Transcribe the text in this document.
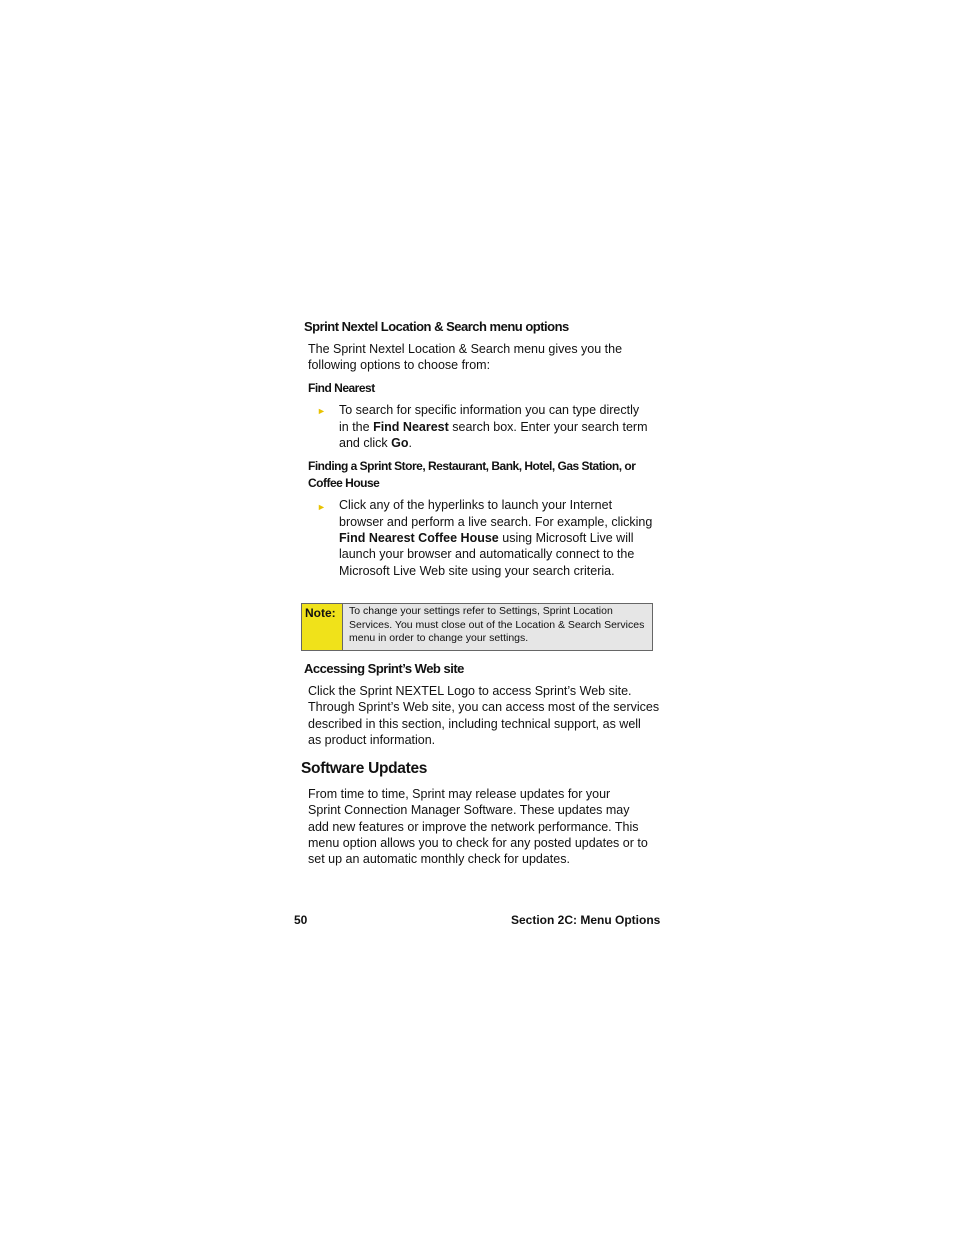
Sprint Nextel Location & Search menu options
The Sprint Nextel Location & Search menu gives you the
following options to choose from:
Find Nearest
► To search for specific information you can type directly
in the Find Nearest search box. Enter your search term
and click Go.
Finding a Sprint Store, Restaurant, Bank, Hotel, Gas Station, or
Coffee House
► Click any of the hyperlinks to launch your Internet
browser and perform a live search. For example, clicking
Find Nearest Coffee House using Microsoft Live will
launch your browser and automatically connect to the
Microsoft Live Web site using your search criteria.
Note:	To change your settings refer to Settings, Sprint Location
Services. You must close out of the Location & Search Services
menu in order to change your settings.
Accessing Sprint’s Web site
Click the Sprint NEXTEL Logo to access Sprint’s Web site.
Through Sprint’s Web site, you can access most of the services
described in this section, including technical support, as well
as product information.
Software Updates
From time to time, Sprint may release updates for your
Sprint Connection Manager Software. These updates may
add new features or improve the network performance. This
menu option allows you to check for any posted updates or to
set up an automatic monthly check for updates.
50	Section 2C: Menu Options
